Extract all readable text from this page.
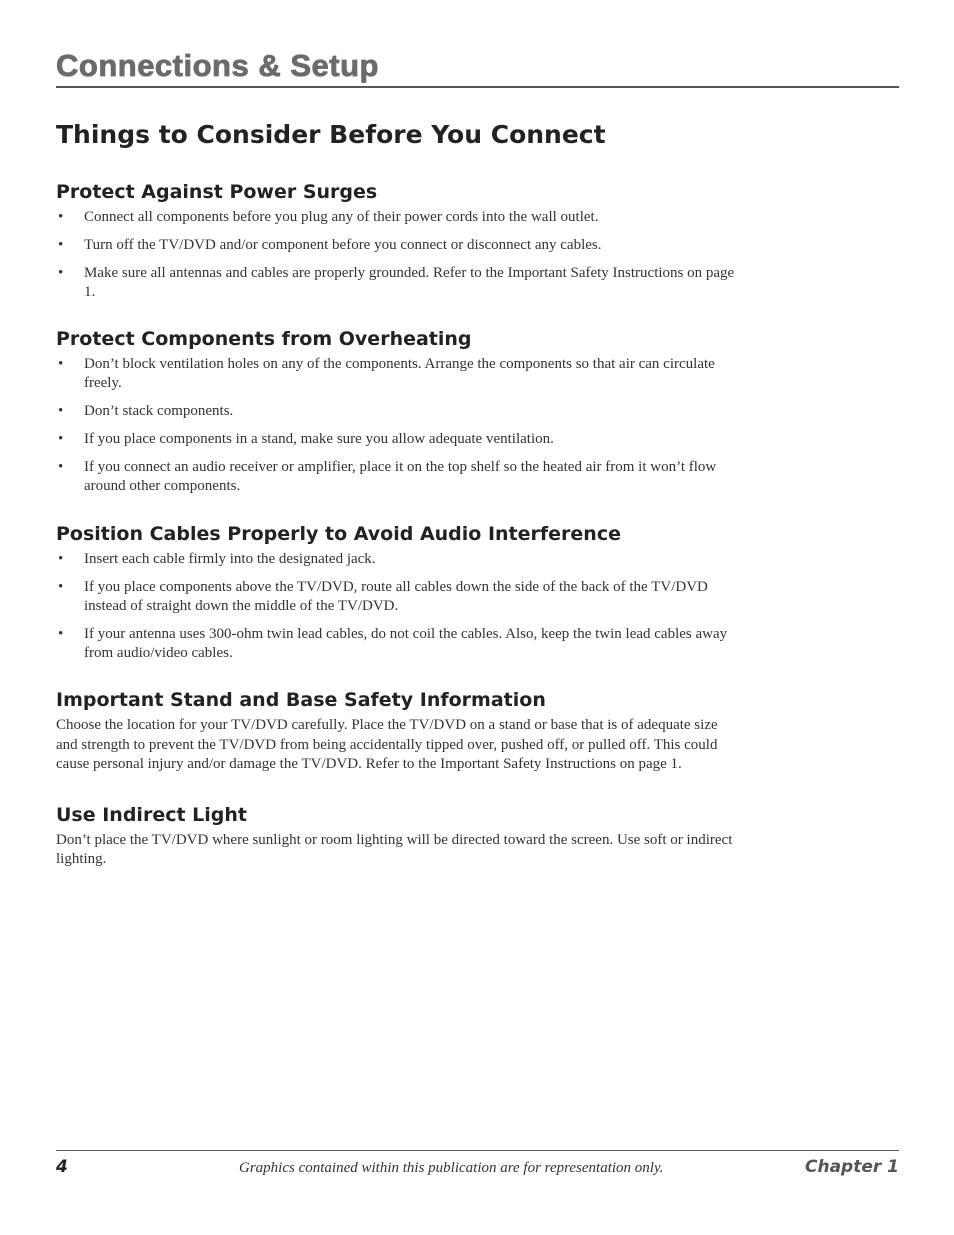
Connections & Setup
Things to Consider Before You Connect
Protect Against Power Surges
• Connect all components before you plug any of their power cords into the wall outlet.
• Turn off the TV/DVD and/or component before you connect or disconnect any cables.
• Make sure all antennas and cables are properly grounded. Refer to the Important Safety Instructions on page 1.
Protect Components from Overheating
• Don’t block ventilation holes on any of the components. Arrange the components so that air can circulate freely.
• Don’t stack components.
• If you place components in a stand, make sure you allow adequate ventilation.
• If you connect an audio receiver or amplifier, place it on the top shelf so the heated air from it won’t flow around other components.
Position Cables Properly to Avoid Audio Interference
• Insert each cable firmly into the designated jack.
• If you place components above the TV/DVD, route all cables down the side of the back of the TV/DVD instead of straight down the middle of the TV/DVD.
• If your antenna uses 300-ohm twin lead cables, do not coil the cables. Also, keep the twin lead cables away from audio/video cables.
Important Stand and Base Safety Information

Choose the location for your TV/DVD carefully. Place the TV/DVD on a stand or base that is of adequate size and strength to prevent the TV/DVD from being accidentally tipped over, pushed off, or pulled off. This could cause personal injury and/or damage the TV/DVD. Refer to the Important Safety Instructions on page 1.

Use Indirect Light

Don’t place the TV/DVD where sunlight or room lighting will be directed toward the screen. Use soft or indirect lighting.

4	Graphics contained within this publication are for representation only.	Chapter 1
